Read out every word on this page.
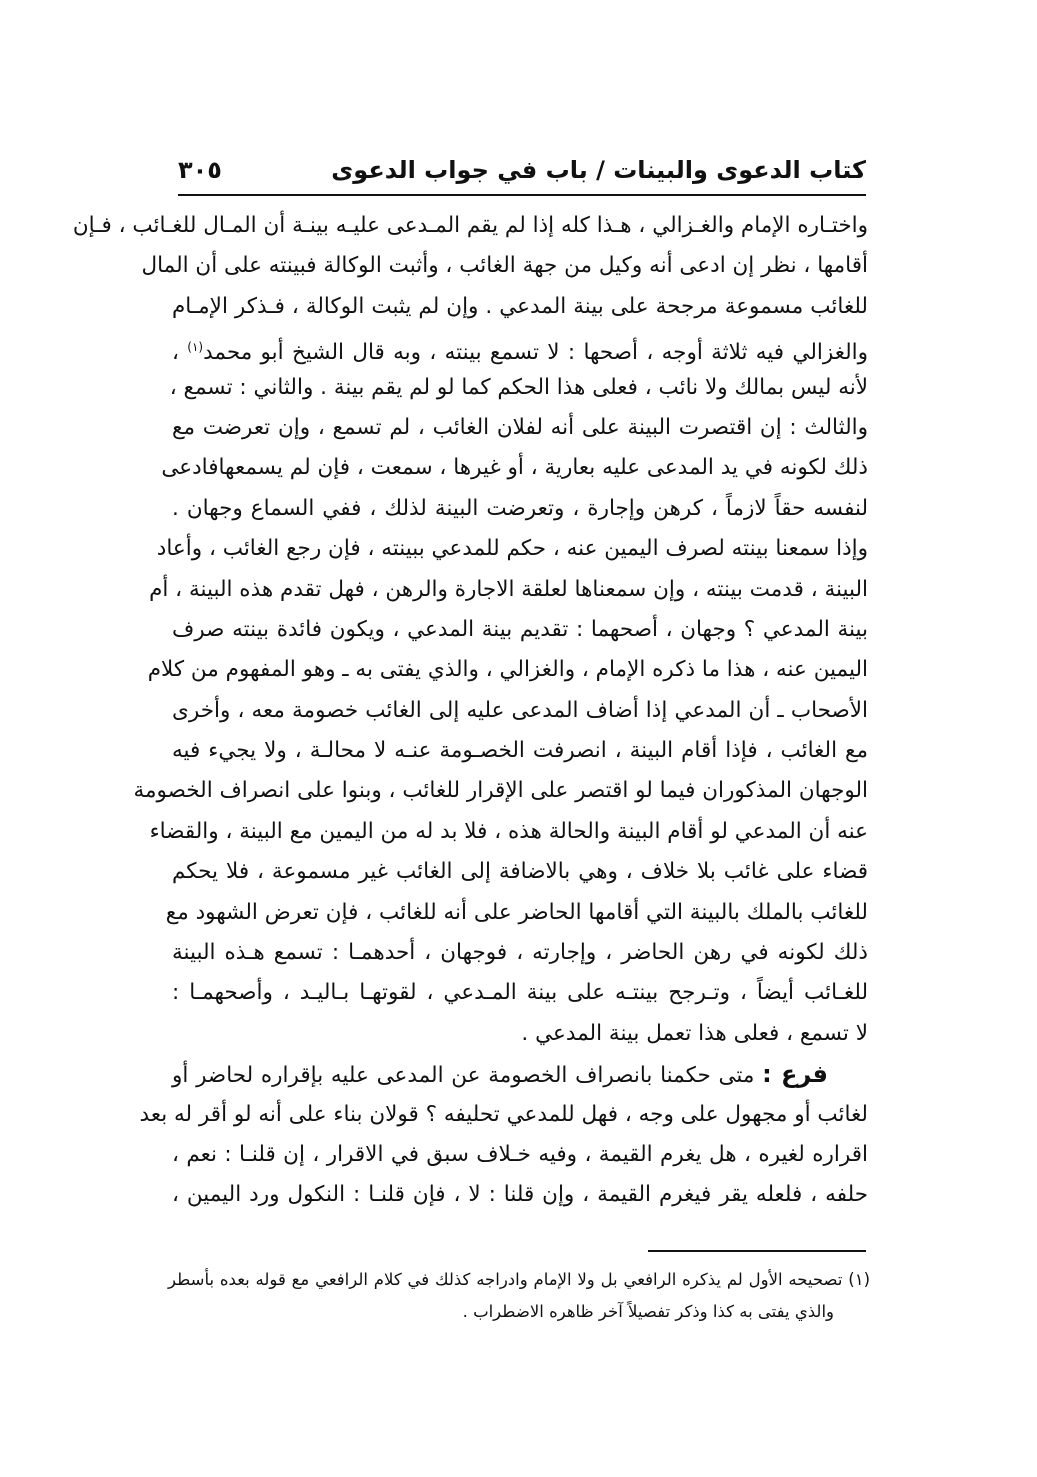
كتاب الدعوى والبينات / باب في جواب الدعوى
٣٠٥
واختـاره الإمام والغـزالي ، هـذا كله إذا لم يقم المـدعى عليـه بينـة أن المـال للغـائب ، فـإن
أقامها ، نظر إن ادعى أنه وكيل من جهة الغائب ، وأثبت الوكالة فبينته على أن المال
للغائب مسموعة مرجحة على بينة المدعي . وإن لم يثبت الوكالة ، فـذكر الإمـام
والغزالي فيه ثلاثة أوجه ، أصحها : لا تسمع بينته ، وبه قال الشيخ أبو محمد$^{(١)}$ ،
لأنه ليس بمالك ولا نائب ، فعلى هذا الحكم كما لو لم يقم بينة . والثاني : تسمع ،
والثالث : إن اقتصرت البينة على أنه لفلان الغائب ، لم تسمع ، وإن تعرضت مع
ذلك لكونه في يد المدعى عليه بعارية ، أو غيرها ، سمعت ، فإن لم يسمعهافادعى
لنفسه حقاً لازماً ، كرهن وإجارة ، وتعرضت البينة لذلك ، ففي السماع وجهان .
وإذا سمعنا بينته لصرف اليمين عنه ، حكم للمدعي ببينته ، فإن رجع الغائب ، وأعاد
البينة ، قدمت بينته ، وإن سمعناها لعلقة الاجارة والرهن ، فهل تقدم هذه البينة ، أم
بينة المدعي ؟ وجهان ، أصحهما : تقديم بينة المدعي ، ويكون فائدة بينته صرف
اليمين عنه ، هذا ما ذكره الإمام ، والغزالي ، والذي يفتى به ـ وهو المفهوم من كلام
الأصحاب ـ أن المدعي إذا أضاف المدعى عليه إلى الغائب خصومة معه ، وأخرى
مع الغائب ، فإذا أقام البينة ، انصرفت الخصـومة عنـه لا محالـة ، ولا يجيء فيه
الوجهان المذكوران فيما لو اقتصر على الإقرار للغائب ، وبنوا على انصراف الخصومة
عنه أن المدعي لو أقام البينة والحالة هذه ، فلا بد له من اليمين مع البينة ، والقضاء
قضاء على غائب بلا خلاف ، وهي بالاضافة إلى الغائب غير مسموعة ، فلا يحكم
للغائب بالملك بالبينة التي أقامها الحاضر على أنه للغائب ، فإن تعرض الشهود مع
ذلك لكونه في رهن الحاضر ، وإجارته ، فوجهان ، أحدهمـا : تسمع هـذه البينة
للغـائب أيضاً ، وتـرجح بينتـه على بينة المـدعي ، لقوتهـا بـاليـد ، وأصحهمـا :
لا تسمع ، فعلى هذا تعمل بينة المدعي .
فرع : متى حكمنا بانصراف الخصومة عن المدعى عليه بإقراره لحاضر أو
لغائب أو مجهول على وجه ، فهل للمدعي تحليفه ؟ قولان بناء على أنه لو أقر له بعد
اقراره لغيره ، هل يغرم القيمة ، وفيه خـلاف سبق في الاقرار ، إن قلنـا : نعم ،
حلفه ، فلعله يقر فيغرم القيمة ، وإن قلنا : لا ، فإن قلنـا : النكول ورد اليمين ،
(١) تصحيحه الأول لم يذكره الرافعي بل ولا الإمام وادراجه كذلك في كلام الرافعي مع قوله بعده بأسطر
والذي يفتى به كذا وذكر تفصيلاً آخر ظاهره الاضطراب .
